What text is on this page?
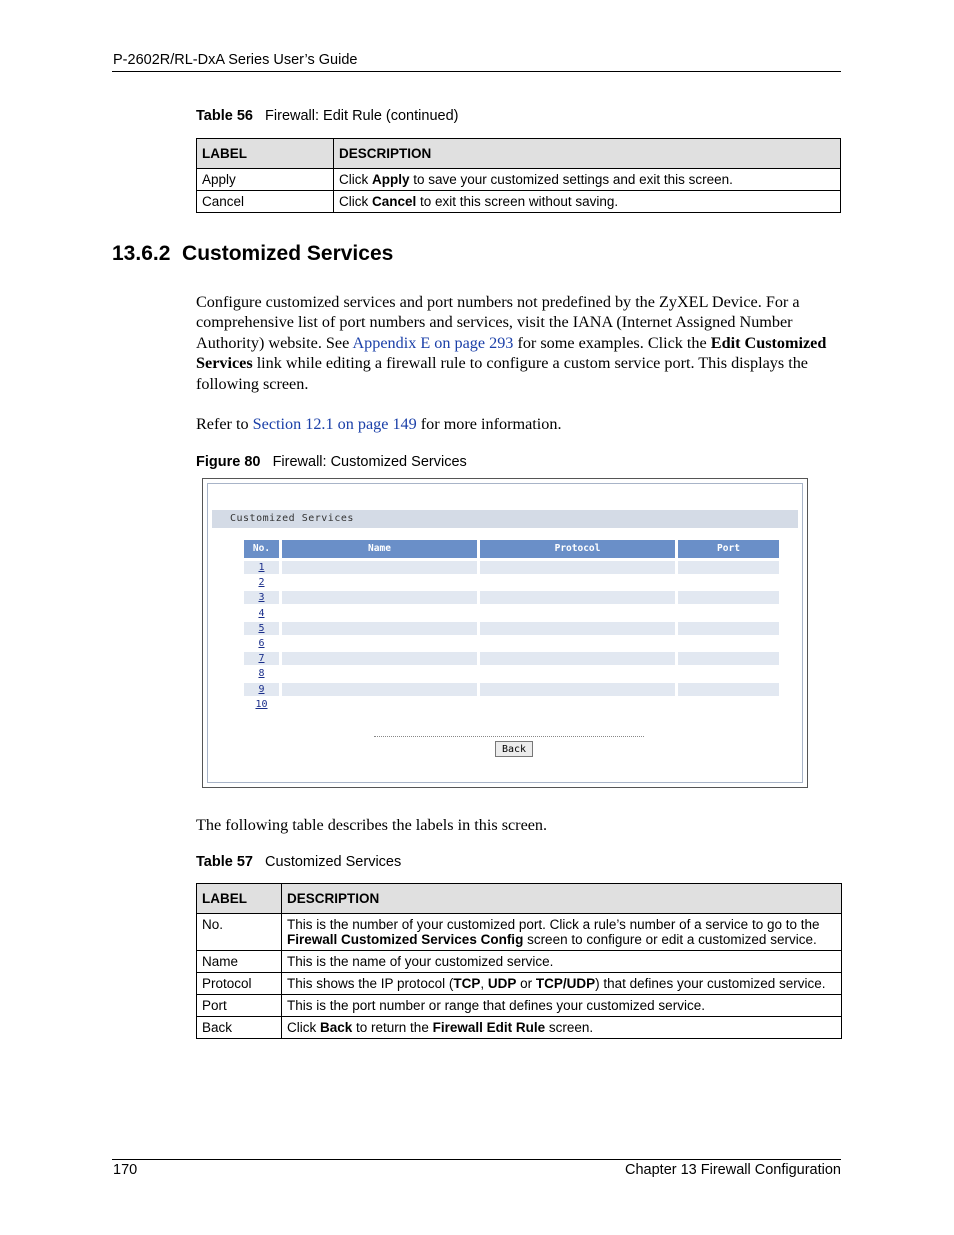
P-2602R/RL-DxA Series User’s Guide
Table 56 Firewall: Edit Rule (continued)
LABEL	DESCRIPTION
Apply	Click Apply to save your customized settings and exit this screen.
Cancel	Click Cancel to exit this screen without saving.
13.6.2  Customized Services
Configure customized services and port numbers not predefined by the ZyXEL Device. For a comprehensive list of port numbers and services, visit the IANA (Internet Assigned Number Authority) website. See Appendix E on page 293 for some examples. Click the Edit Customized Services link while editing a firewall rule to configure a custom service port. This displays the following screen.
Refer to Section 12.1 on page 149 for more information.
Figure 80 Firewall: Customized Services
Customized Services
No.	Name	Protocol	Port
1
2
3
4
5
6
7
8
9
10
Back
The following table describes the labels in this screen.
Table 57 Customized Services
LABEL	DESCRIPTION
No.	This is the number of your customized port. Click a rule’s number of a service to go to the Firewall Customized Services Config screen to configure or edit a customized service.
Name	This is the name of your customized service.
Protocol	This shows the IP protocol (TCP, UDP or TCP/UDP) that defines your customized service.
Port	This is the port number or range that defines your customized service.
Back	Click Back to return the Firewall Edit Rule screen.
170	Chapter 13 Firewall Configuration
